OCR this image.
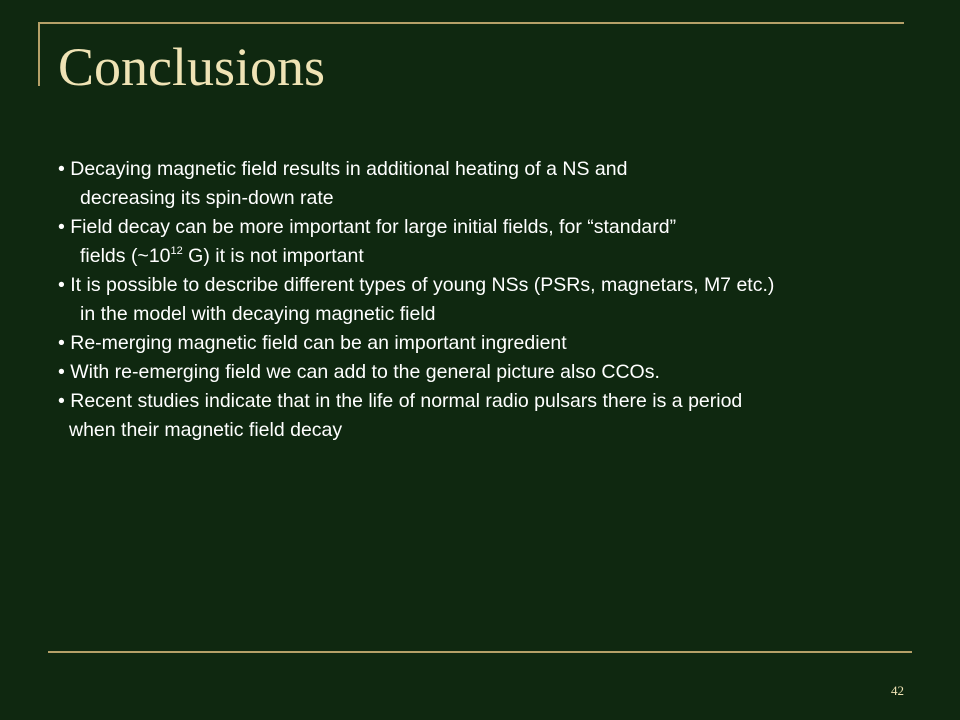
Conclusions
• Decaying magnetic field results in additional heating of a NS and
decreasing its spin-down rate
• Field decay can be more important for large initial fields, for “standard”
fields ($\sim 10^{12}$ G) it is not important
• It is possible to describe different types of young NSs (PSRs, magnetars, M7 etc.)
in the model with decaying magnetic field
• Re-merging magnetic field can be an important ingredient
• With re-emerging field we can add to the general picture also CCOs.
• Recent studies indicate that in the life of normal radio pulsars there is a period
when their magnetic field decay
42
